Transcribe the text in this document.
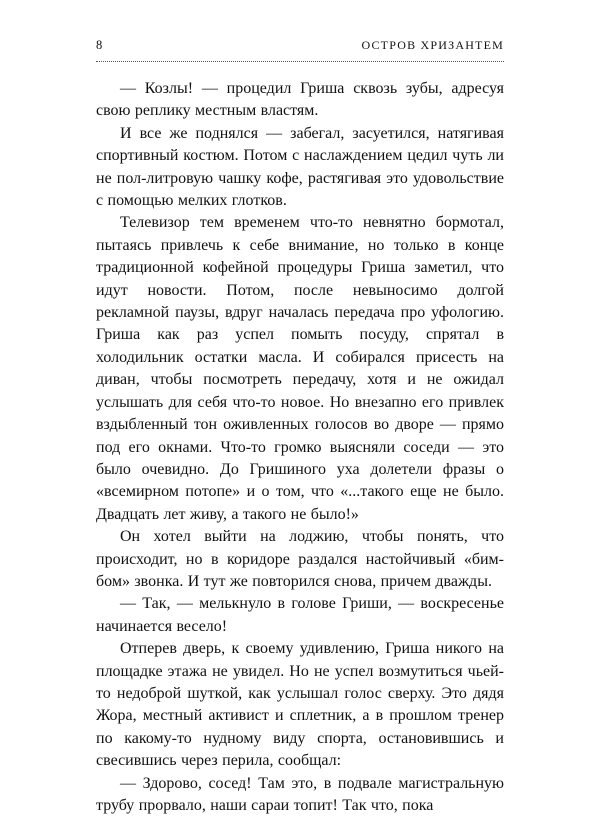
8	ОСТРОВ ХРИЗАНТЕМ

— Козлы! — процедил Гриша сквозь зубы, адресуя свою реплику местным властям.

И все же поднялся — забегал, засуетился, натягивая спортивный костюм. Потом с наслаждением цедил чуть ли не пол-литровую чашку кофе, растягивая это удовольствие с помощью мелких глотков.

Телевизор тем временем что-то невнятно бормотал, пытаясь привлечь к себе внимание, но только в конце традиционной кофейной процедуры Гриша заметил, что идут новости. Потом, после невыносимо долгой рекламной паузы, вдруг началась передача про уфологию. Гриша как раз успел помыть посуду, спрятал в холодильник остатки масла. И собирался присесть на диван, чтобы посмотреть передачу, хотя и не ожидал услышать для себя что-то новое. Но внезапно его привлек вздыбленный тон оживленных голосов во дворе — прямо под его окнами. Что-то громко выясняли соседи — это было очевидно. До Гришиного уха долетели фразы о «всемирном потопе» и о том, что «...такого еще не было. Двадцать лет живу, а такого не было!»

Он хотел выйти на лоджию, чтобы понять, что происходит, но в коридоре раздался настойчивый «бим-бом» звонка. И тут же повторился снова, причем дважды.

— Так, — мелькнуло в голове Гриши, — воскресенье начинается весело!

Отперев дверь, к своему удивлению, Гриша никого на площадке этажа не увидел. Но не успел возмутиться чьей-то недоброй шуткой, как услышал голос сверху. Это дядя Жора, местный активист и сплетник, а в прошлом тренер по какому-то нудному виду спорта, остановившись и свесившись через перила, сообщал:

— Здорово, сосед! Там это, в подвале магистральную трубу прорвало, наши сараи топит! Так что, пока
